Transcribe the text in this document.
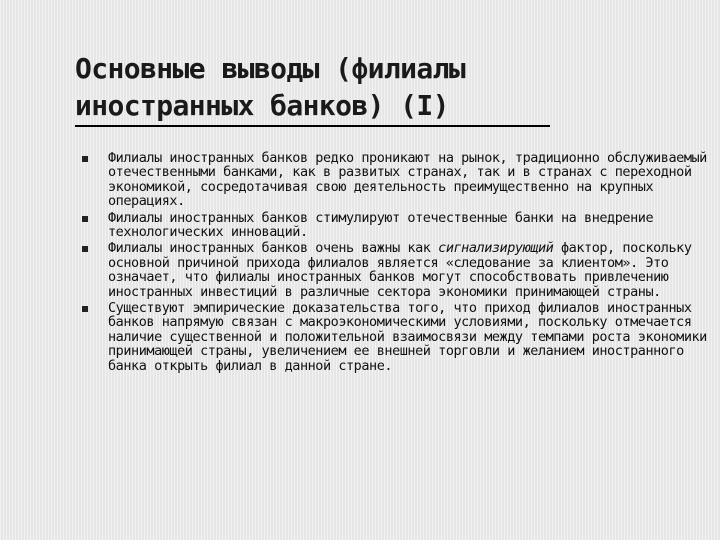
Основные выводы (филиалы
иностранных банков) (I)
Филиалы иностранных банков редко проникают на рынок, традиционно обслуживаемый отечественными банками, как в развитых странах, так и в странах с переходной экономикой, сосредотачивая свою деятельность преимущественно на крупных операциях.
Филиалы иностранных банков стимулируют отечественные банки на внедрение технологических инноваций.
Филиалы иностранных банков очень важны как сигнализирующий фактор, поскольку основной причиной прихода филиалов является «следование за клиентом». Это означает, что филиалы иностранных банков могут способствовать привлечению иностранных инвестиций в различные сектора экономики принимающей страны.
Существуют эмпирические доказательства того, что приход филиалов иностранных банков напрямую связан с макроэкономическими условиями, поскольку отмечается наличие существенной и положительной взаимосвязи между темпами роста экономики принимающей страны, увеличением ее внешней торговли и желанием иностранного банка открыть филиал в данной стране.
